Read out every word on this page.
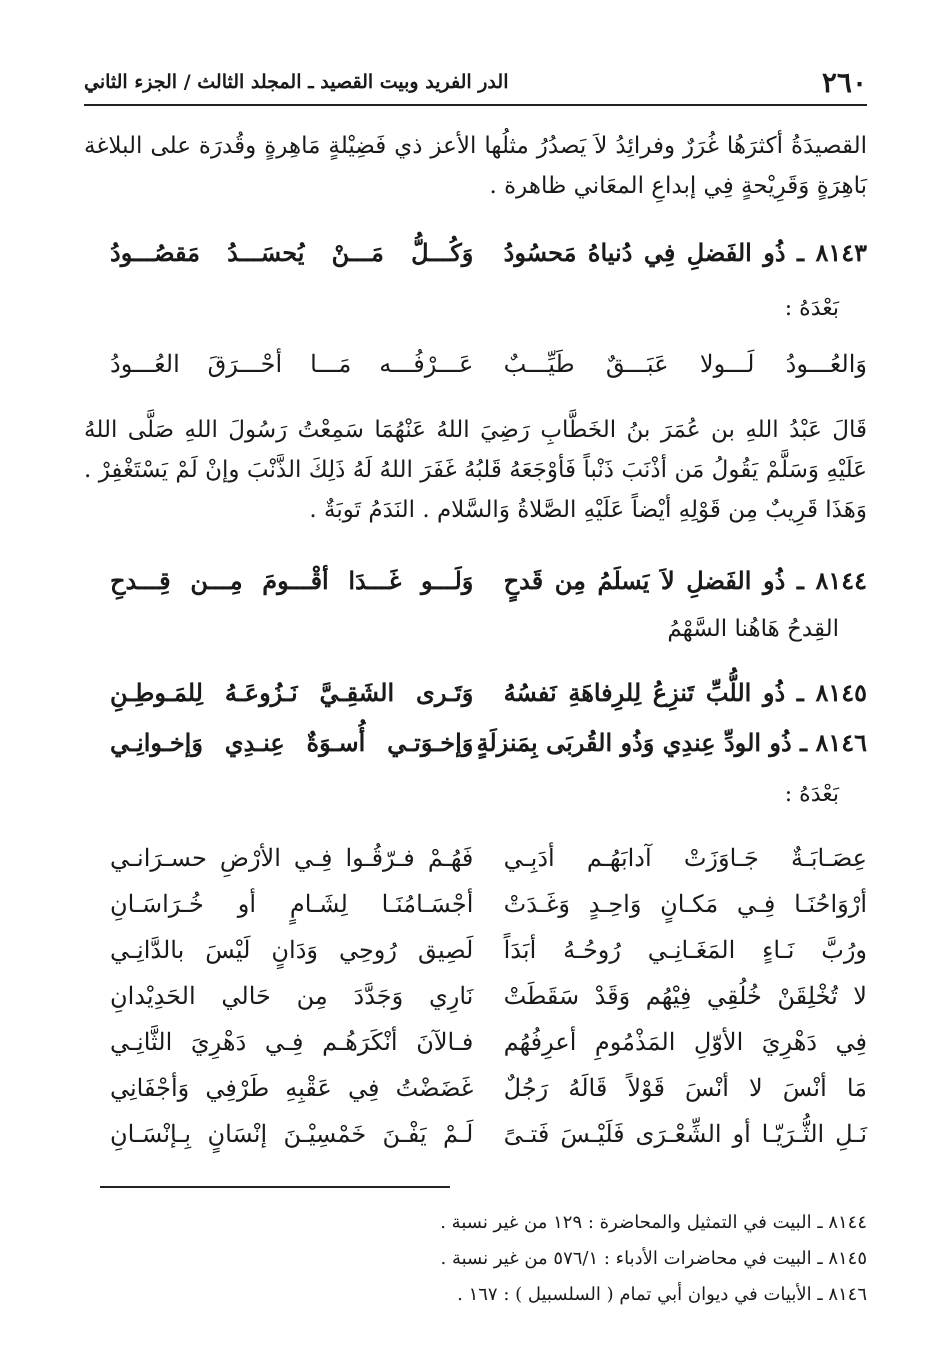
٢٦٠
الدر الفريد وبيت القصيد ـ المجلد الثالث / الجزء الثاني

القصيدَةُ أكثرَهُا غُرَرٌ وفرائِدُ لاَ يَصدُرُ مثلُها الأعز ذي فَضِيْلةٍ مَاهِرةٍ وقُدرَة على البلاغة
بَاهِرَةٍ وَقَرِيْحةٍ فِي إبداعِ المعَاني ظاهرة .

٨١٤٣ ـ ذُو الفَضلِ فِي دُنياهُ مَحسُودُ
وَكُـــلُّ مَـــنْ يُحسَـــدُ مَقصُـــودُ
بَعْدَهُ :
وَالعُـــودُ لَـــولا عَبَـــقٌ طَيِّـــبٌ
عَـــرْفُـــه مَـــا أحْـــرَقَ العُـــودُ

قَالَ عَبْدُ اللهِ بن عُمَرَ بنُ الخَطَّابِ رَضِيَ اللهُ عَنْهُمَا سَمِعْتُ رَسُولَ اللهِ صَلَّى اللهُ
عَلَيْهِ وَسَلَّمْ يَقُولُ مَن أذْنَبَ ذَنْباً فَأوْجَعَهُ قَلبُهُ غَفَرَ اللهُ لَهُ ذَلِكَ الذَّنْبَ وإنْ لَمْ يَسْتَغْفِرْ .
وَهَذَا قَرِيبٌ مِن قَوْلِهِ أيْضاً عَلَيْهِ الصَّلاةُ وَالسَّلام . النَدَمُ تَوبَةٌ .

٨١٤٤ ـ ذُو الفَضلِ لاَ يَسلَمُ مِن قَدحٍ
وَلَـــو غَـــدَا أقْـــومَ مِـــن قِـــدحِ
القِدحُ هَاهُنا السَّهْمُ
٨١٤٥ ـ ذُو اللُّبِّ تَنزِعُ لِلرِفاهَةِ نَفسُهُ
وَتَـرى الشَقِـيَّ نَـزُوعَـهُ لِلمَـوطِـنِ
٨١٤٦ ـ ذُو الودِّ عِندِي وَذُو القُربَى بِمَنزلَةٍ
وَإخـوَتـي أُسـوَةٌ عِنـدِي وَإخـوانِـي
بَعْدَهُ :
عِصَـابَـةٌ جَـاوَزَتْ آدابَهُـم أدَبِـي
فَهُـمْ فـرّقُـوا فِـي الأرْضِ حسـرَانـي
أرْوَاحُنَـا فِـي مَكـانٍ وَاحِـدٍ وَغَـدَتْ
أجْسَـامُنَـا لِشَـامٍ أو خُـرَاسَـانِ
ورُبَّ نَـاءٍ المَغَـانِـي رُوحُـهُ أبَدَاً
لَصِيق رُوحِي وَدَانٍ لَيْسَ بالدَّانِـي
لا تُخْلِقَنْ خُلُقِي فِيْهُم وَقَدْ سَقَطَتْ
نَارِي وَجَدَّدَ مِن حَالي الحَدِيْدانِ
فِي دَهْرِيَ الأوّلِ المَذْمُومِ أعرِفُهُم
فـالآنَ أنْكَرَهُـم فِـي دَهْرِيَ الثَّانِـي
مَا أنْسَ لا أنْسَ قَوْلاً قَالَهُ رَجُلٌ
غَضَضْتُ فِي عَقْبِهِ طَرْفِي وَأجْفَانِي
نَـلِ الثُّـرَيّـا أو الشِّعْـرَى فَلَيْـسَ فَتـىً
لَـمْ يَفْـنَ خَمْسِيْـنَ إنْسَانٍ بِـإنْسَـانِ
٨١٤٤ ـ البيت في التمثيل والمحاضرة : ١٢٩ من غير نسبة .
٨١٤٥ ـ البيت في محاضرات الأدباء : ٥٧٦/١ من غير نسبة .
٨١٤٦ ـ الأبيات في ديوان أبي تمام ( السلسبيل ) : ١٦٧ .
